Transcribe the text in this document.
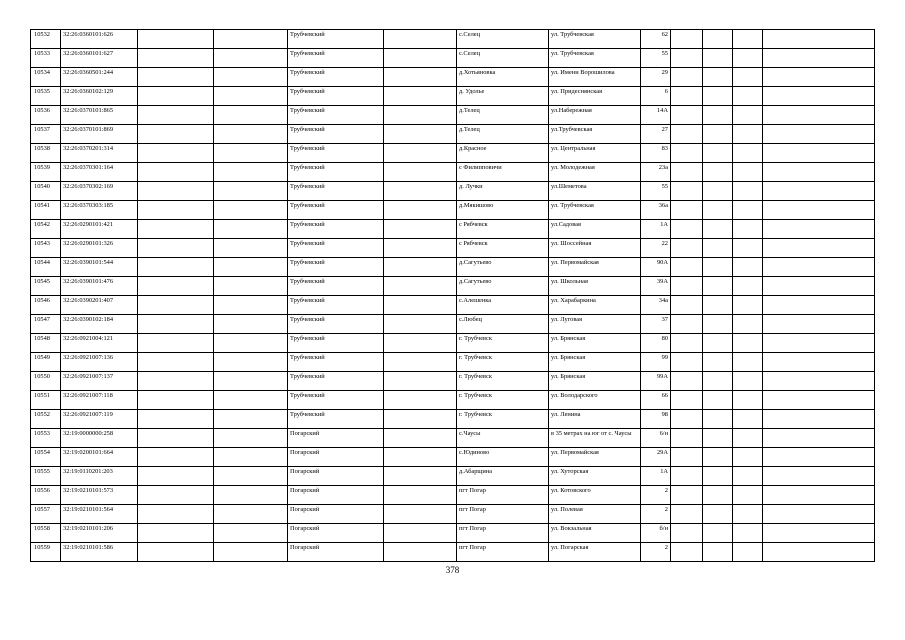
10532	32:26:0360101:626			Трубчевский		с.Селец	ул. Трубчевская	62				
10533	32:26:0360101:627			Трубчевский		с.Селец	ул. Трубчевская	55				
10534	32:26:0360501:244			Трубчевский		д.Хотьяновка	ул. Имени Ворошилова	29				
10535	32:26:0360102:129			Трубчевский		д. Удолье	ул. Придеснянская	6				
10536	32:26:0370101:865			Трубчевский		д.Телец	ул.Набережная	14А				
10537	32:26:0370101:869			Трубчевский		д.Телец	ул.Трубчевская	27				
10538	32:26:0370201:314			Трубчевский		д.Красное	ул. Центральная	83				
10539	32:26:0370301:164			Трубчевский		с Филипповичи	ул. Молодежная	23а				
10540	32:26:0370302:169			Трубчевский		д. Лучки	ул.Шеметова	55				
10541	32:26:0370303:185			Трубчевский		д.Мякишово	ул. Трубчевская	36а				
10542	32:26:0290101:421			Трубчевский		с Рябчевск	ул.Садовая	1А				
10543	32:26:0290101:326			Трубчевский		с Рябчевск	ул. Шоссейная	22				
10544	32:26:0390101:544			Трубчевский		д.Сагутьево	ул. Первомайская	90А				
10545	32:26:0390101:476			Трубчевский		д.Сагутьево	ул. Школьная	39А				
10546	32:26:0390201:407			Трубчевский		с.Алешенка	ул. Харабаркина	34а				
10547	32:26:0390102:184			Трубчевский		с.Любец	ул. Луговая	37				
10548	32:26:0921004:121			Трубчевский		г. Трубчевск	ул. Брянская	80				
10549	32:26:0921007:136			Трубчевский		г. Трубчевск	ул. Брянская	99				
10550	32:26:0921007:137			Трубчевский		г. Трубчевск	ул. Брянская	99А				
10551	32:26:0921007:118			Трубчевский		г. Трубчевск	ул. Володарского	66				
10552	32:26:0921007:119			Трубчевский		г. Трубчевск	ул. Ленина	98				
10553	32:19:0000000:258			Погарский		с.Чаусы	в 35 метрах на юг от с. Чаусы	6/н				
10554	32:19:0200101:664			Погарский		с.Юдиново	ул. Первомайская	29А				
10555	32:19:0110201:203			Погарский		д.Абарщина	ул. Хуторская	1А				
10556	32:19:0210101:573			Погарский		пгт Погар	ул. Котовского	2				
10557	32:19:0210101:564			Погарский		пгт Погар	ул. Полевая	2				
10558	32:19:0210101:206			Погарский		пгт Погар	ул. Вокзальная	б/н				
10559	32:19:0210101:586			Погарский		пгт Погар	ул. Погарская	2				
378
